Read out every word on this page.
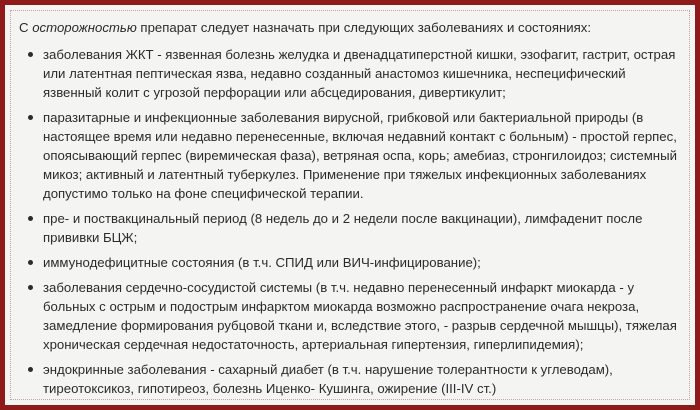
С осторожностью препарат следует назначать при следующих заболеваниях и состояниях:

заболевания ЖКТ - язвенная болезнь желудка и двенадцатиперстной кишки, эзофагит, гастрит, острая или латентная пептическая язва, недавно созданный анастомоз кишечника, неспецифический язвенный колит с угрозой перфорации или абсцедирования, дивертикулит;
паразитарные и инфекционные заболевания вирусной, грибковой или бактериальной природы (в настоящее время или недавно перенесенные, включая недавний контакт с больным) - простой герпес, опоясывающий герпес (виремическая фаза), ветряная оспа, корь; амебиаз, стронгилоидоз; системный микоз; активный и латентный туберкулез. Применение при тяжелых инфекционных заболеваниях допустимо только на фоне специфической терапии.
пре- и поствакцинальный период (8 недель до и 2 недели после вакцинации), лимфаденит после прививки БЦЖ;
иммунодефицитные состояния (в т.ч. СПИД или ВИЧ-инфицирование);
заболевания сердечно-сосудистой системы (в т.ч. недавно перенесенный инфаркт миокарда - у больных с острым и подострым инфарктом миокарда возможно распространение очага некроза, замедление формирования рубцовой ткани и, вследствие этого, - разрыв сердечной мышцы), тяжелая хроническая сердечная недостаточность, артериальная гипертензия, гиперлипидемия);
эндокринные заболевания - сахарный диабет (в т.ч. нарушение толерантности к углеводам), тиреотоксикоз, гипотиреоз, болезнь Иценко- Кушинга, ожирение (III-IV ст.)
